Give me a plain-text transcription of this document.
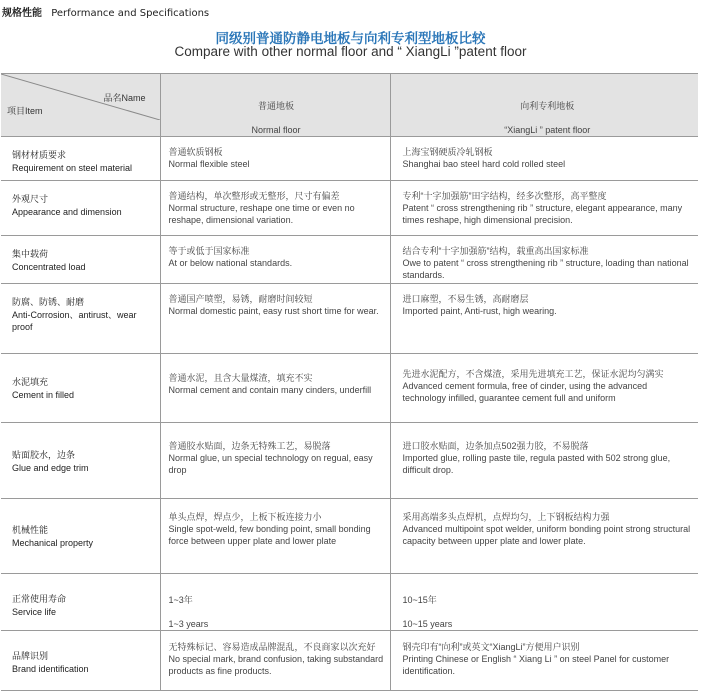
规格性能 Performance and Specifications
同级别普通防静电地板与向利专利型地板比较
Compare with other normal floor and “ XiangLi ”patent floor
品名Name
项目Item	普通地板
Normal floor	向利专利地板
“XiangLi ” patent floor

钢材材质要求
Requirement on steel material	普通软质钢板
Normal flexible steel	上海宝钢硬质冷轧钢板
Shanghai bao steel hard cold rolled steel

外观尺寸
Appearance and dimension	普通结构，单次整形或无整形，尺寸有偏差
Normal structure, reshape one time or even no reshape, dimensional variation.	专利“十字加强筋”田字结构，经多次整形，高平整度
Patent “ cross strengthening rib ” structure, elegant appearance, many times reshape, high dimensional precision.

集中载荷
Concentrated load	等于或低于国家标准
At or below national standards.	结合专利“十字加强筋”结构，载重高出国家标准
Owe to patent “ cross strengthening rib ” structure, loading than national standards.

防腐、防锈、耐磨
Anti-Corrosion、antirust、wear proof	普通国产喷塑，易锈，耐磨时间较短
Normal domestic paint, easy rust short time for wear.	进口麻塑，不易生锈，高耐磨层
Imported paint, Anti-rust, high wearing.

水泥填充
Cement in filled	普通水泥，且含大量煤渣，填充不实
Normal cement and contain many cinders, underfill	先进水泥配方，不含煤渣，采用先进填充工艺，保证水泥均匀满实
Advanced cement formula, free of cinder, using the advanced technology infilled, guarantee cement full and uniform

贴面胶水，边条
Glue and edge trim	普通胶水贴面，边条无特殊工艺，易脱落
Normal glue, un special technology on regual, easy drop	进口胶水贴面，边条加点502强力胶，不易脱落
Imported glue, rolling paste tile, regula pasted with 502 strong glue, difficult drop.

机械性能
Mechanical property	单头点焊，焊点少，上板下板连接力小
Single spot-weld, few bonding point, small bonding force between upper plate and lower plate	采用高端多头点焊机，点焊均匀，上下钢板结构力强
Advanced multipoint spot welder, uniform bonding point strong structural capacity between upper plate and lower plate.

正常使用寿命
Service life	1~3年
1~3 years	10~15年
10~15 years

品牌识别
Brand identification	无特殊标记、容易造成品牌混乱，不良商家以次充好
No special mark, brand confusion, taking substandard products as fine products.	钢壳印有“向利”或英文“XiangLi”方便用户识别
Printing Chinese or English “ Xiang Li ” on steel Panel for customer identification.
